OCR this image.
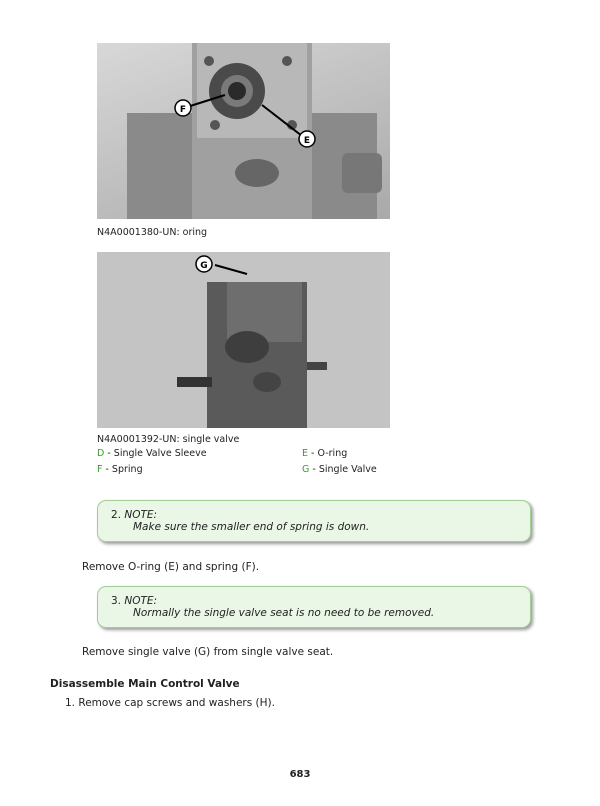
F
E
N4A0001380-UN: oring
G
N4A0001392-UN: single valve
D - Single Valve Sleeve	E - O-ring
F - Spring	G - Single Valve
2. NOTE:
Make sure the smaller end of spring is down.
Remove O-ring (E) and spring (F).
3. NOTE:
Normally the single valve seat is no need to be removed.
Remove single valve (G) from single valve seat.
Disassemble Main Control Valve
1. Remove cap screws and washers (H).
683
